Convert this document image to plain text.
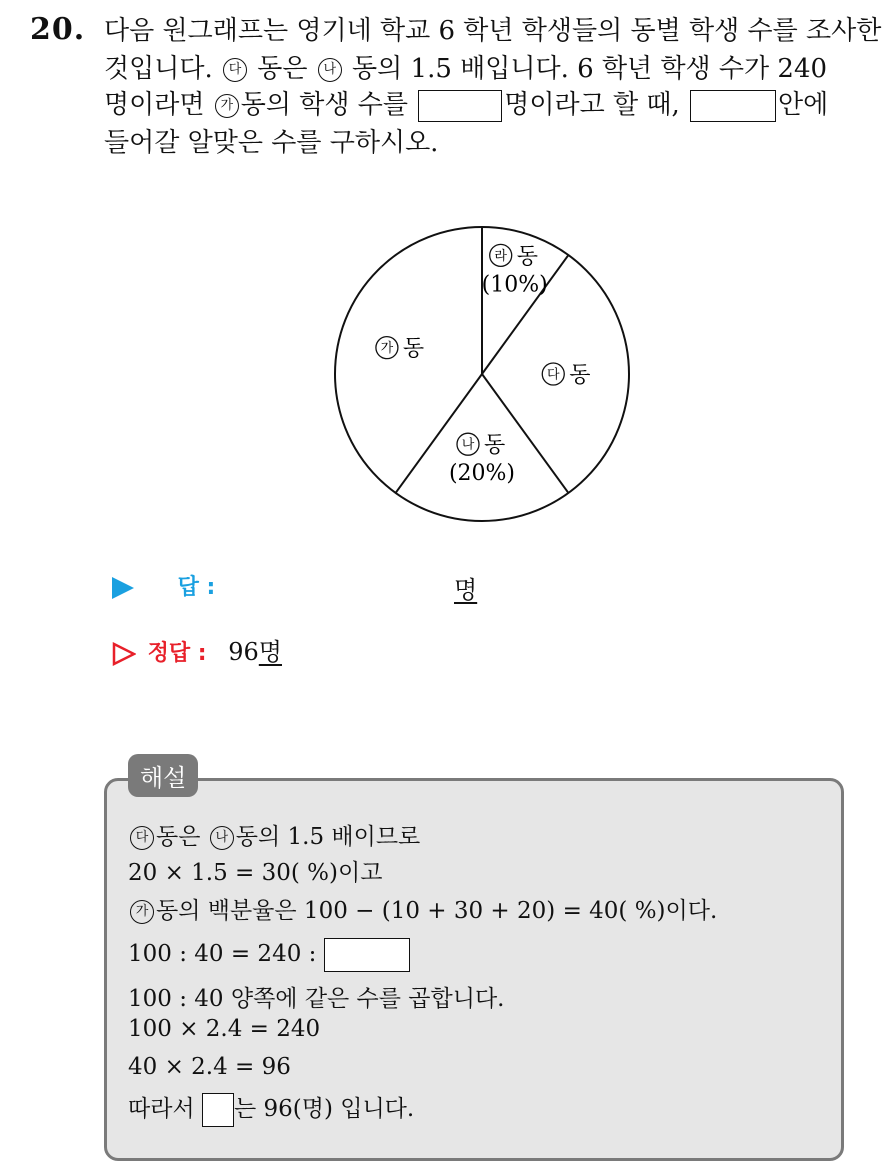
20. 다음 원그래프는 영기네 학교 6 학년 학생들의 동별 학생 수를 조사한
것입니다. 다 동은 나 동의 1.5 배입니다. 6 학년 학생 수가 240
명이라면 가 동의 학생 수를	명이라고 할 때,	안에
들어갈 알맞은 수를 구하시오.
라 동
(10%)
다 동
나 동
(20%)
가 동
답 :	명
정답 : 96명
해설
다 동은 나 동의 1.5 배이므로
20 × 1.5 = 30( %)이고
가 동의 백분율은 100 − (10 + 30 + 20) = 40( %)이다.
100 : 40 = 240 :
100 : 40 양쪽에 같은 수를 곱합니다.
100 × 2.4 = 240
40 × 2.4 = 96
따라서 는 96(명) 입니다.
